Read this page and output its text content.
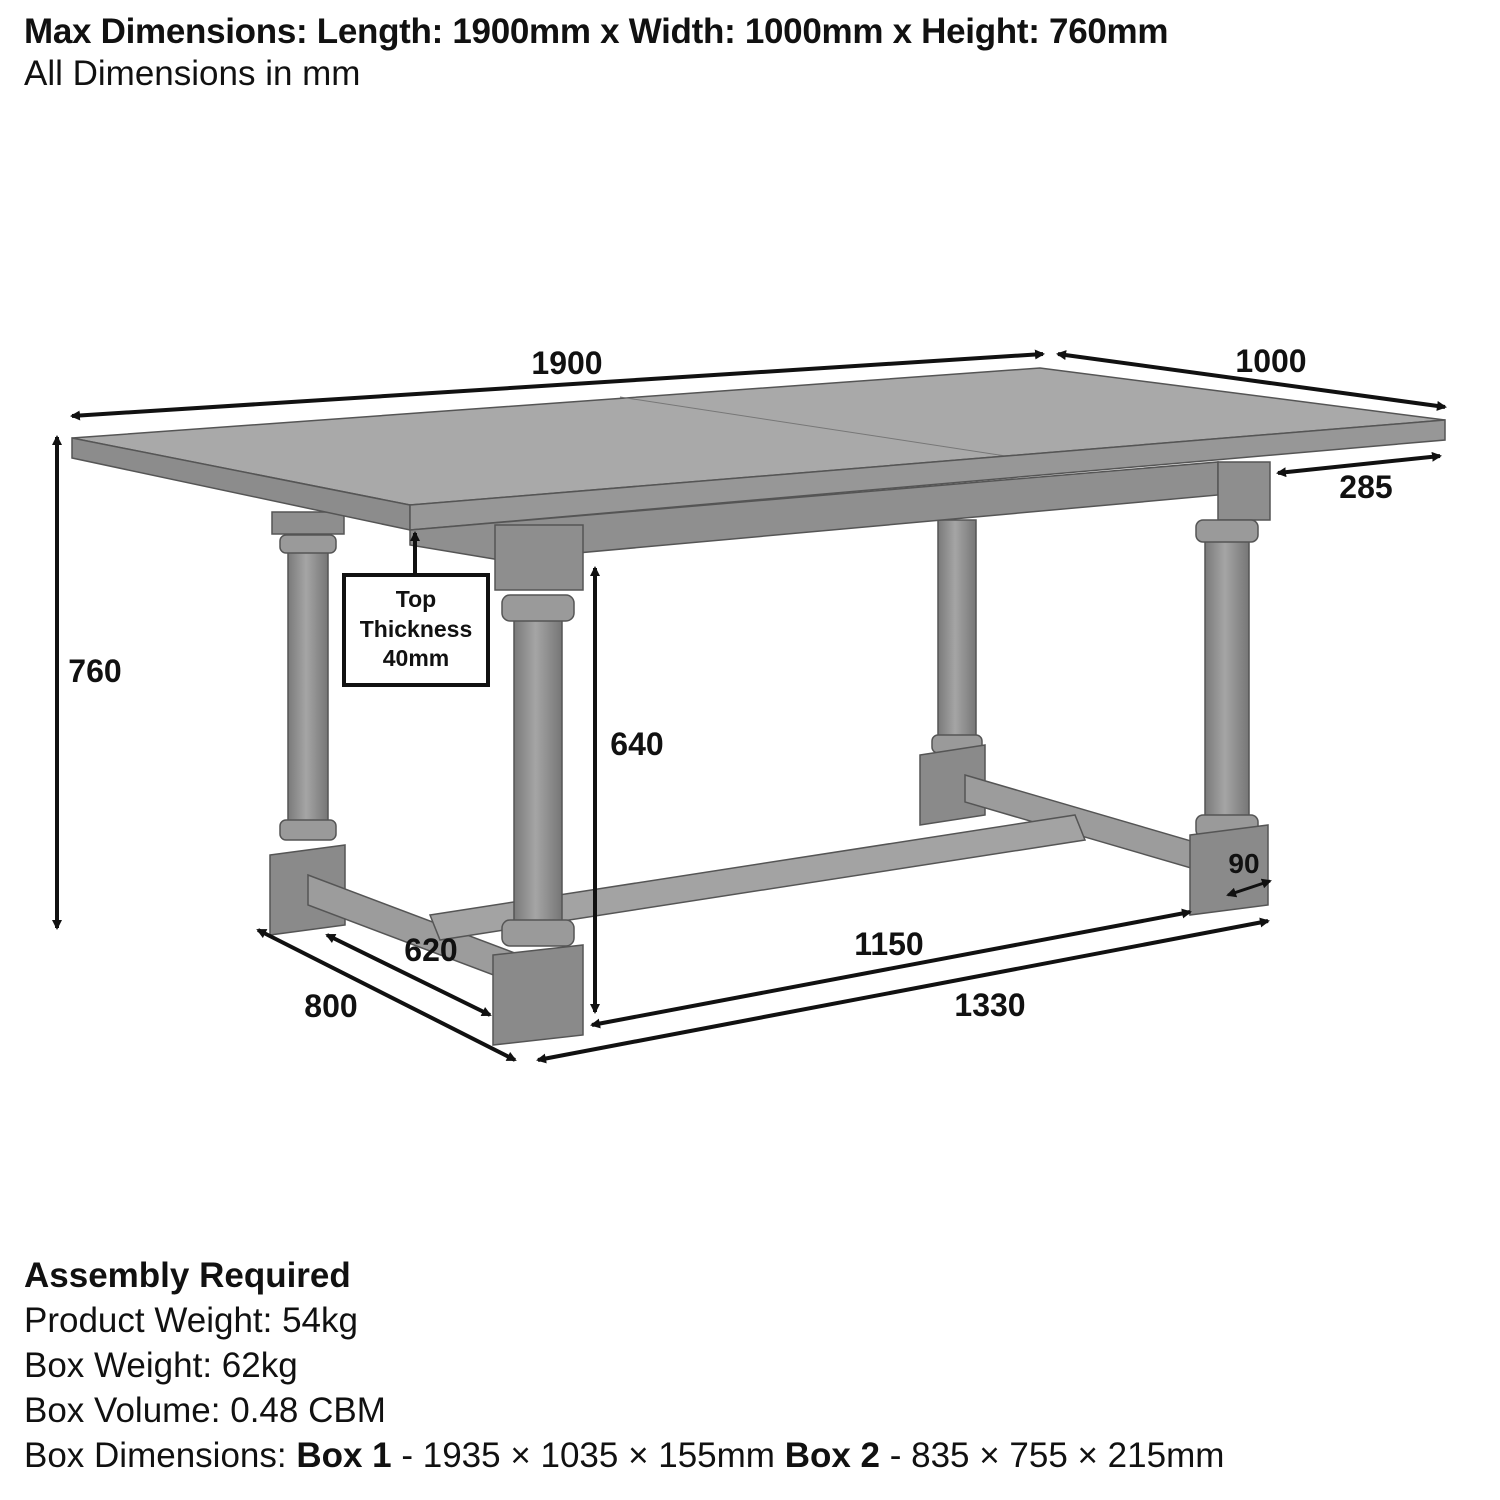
Max Dimensions: Length: 1900mm x Width: 1000mm x Height: 760mm
All Dimensions in mm
Top
Thickness
40mm
1900	1000
285
760
640
620
800
1150
1330
90
Assembly Required
Product Weight: 54kg
Box Weight: 62kg
Box Volume: 0.48 CBM
Box Dimensions: Box 1 - 1935 × 1035 × 155mm Box 2 - 835 × 755 × 215mm
